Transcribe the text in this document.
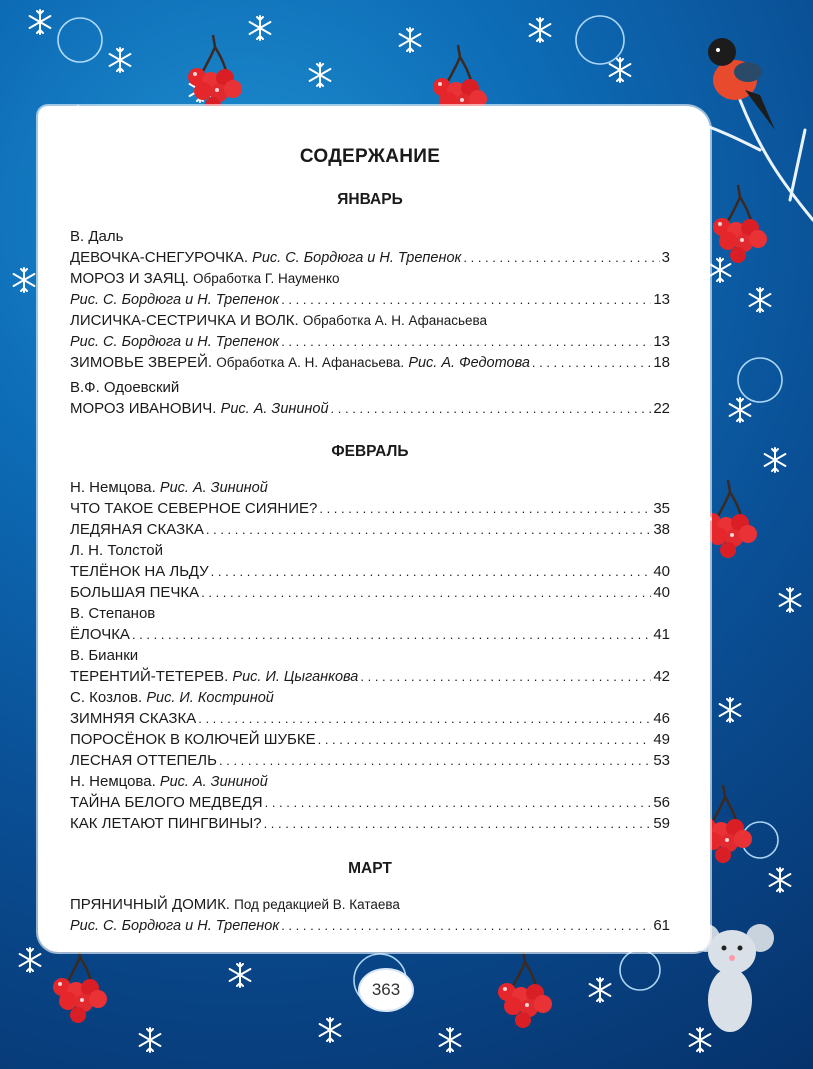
СОДЕРЖАНИЕ
ЯНВАРЬ
В. Даль
ДЕВОЧКА-СНЕГУРОЧКА.
Рис. С. Бордюга и Н. Трепенок . . .	3
МОРОЗ И ЗАЯЦ. Обработка Г. Науменко
Рис. С. Бордюга и Н. Трепенок . . .	13
ЛИСИЧКА-СЕСТРИЧКА И ВОЛК. Обработка А. Н. Афанасьева
Рис. С. Бордюга и Н. Трепенок . . .	13
ЗИМОВЬЕ ЗВЕРЕЙ.
Обработка А. Н. Афанасьева.
Рис. А. Федотова . . .	18
В.Ф. Одоевский
МОРОЗ ИВАНОВИЧ.
Рис. А. Зининой . . .	22
ФЕВРАЛЬ
Н. Немцова. Рис. А. Зининой
ЧТО ТАКОЕ СЕВЕРНОЕ СИЯНИЕ? . . .	35
ЛЕДЯНАЯ СКАЗКА . . .	38
Л. Н. Толстой
ТЕЛЁНОК НА ЛЬДУ . . .	40
БОЛЬШАЯ ПЕЧКА . . .	40
В. Степанов
ЁЛОЧКА . . .	41
В. Бианки
ТЕРЕНТИЙ-ТЕТЕРЕВ.
Рис. И. Цыганкова . . .	42
С. Козлов. Рис. И. Костриной
ЗИМНЯЯ СКАЗКА . . .	46
ПОРОСЁНОК В КОЛЮЧЕЙ ШУБКЕ . . .	49
ЛЕСНАЯ ОТТЕПЕЛЬ . . .	53
Н. Немцова. Рис. А. Зининой
ТАЙНА БЕЛОГО МЕДВЕДЯ . . .	56
КАК ЛЕТАЮТ ПИНГВИНЫ? . . .	59
МАРТ
ПРЯНИЧНЫЙ ДОМИК. Под редакцией В. Катаева
Рис. С. Бордюга и Н. Трепенок . . .	61
363
